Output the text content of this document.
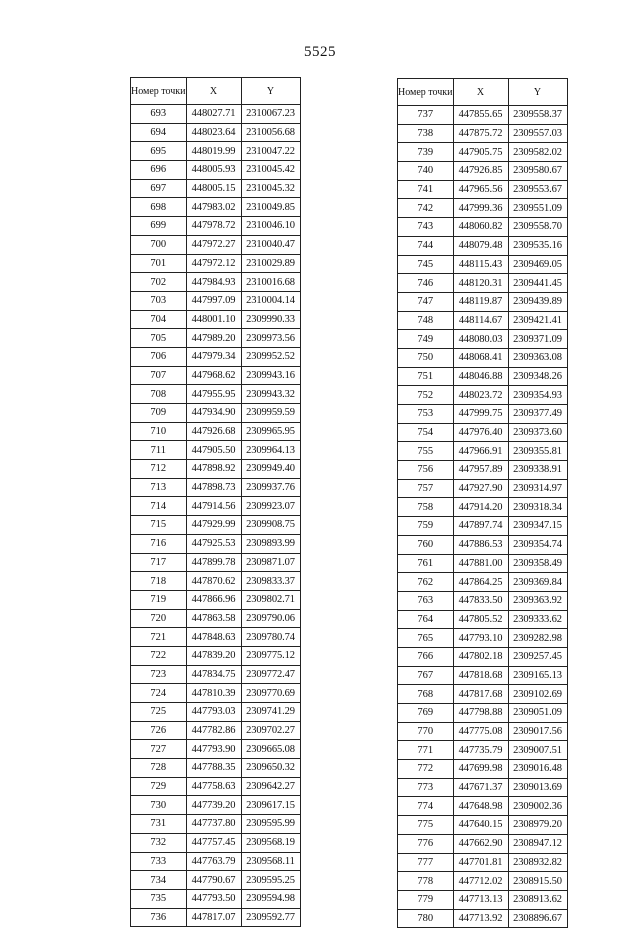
5525
Номер точки	X	Y
693	448027.71	2310067.23
694	448023.64	2310056.68
695	448019.99	2310047.22
696	448005.93	2310045.42
697	448005.15	2310045.32
698	447983.02	2310049.85
699	447978.72	2310046.10
700	447972.27	2310040.47
701	447972.12	2310029.89
702	447984.93	2310016.68
703	447997.09	2310004.14
704	448001.10	2309990.33
705	447989.20	2309973.56
706	447979.34	2309952.52
707	447968.62	2309943.16
708	447955.95	2309943.32
709	447934.90	2309959.59
710	447926.68	2309965.95
711	447905.50	2309964.13
712	447898.92	2309949.40
713	447898.73	2309937.76
714	447914.56	2309923.07
715	447929.99	2309908.75
716	447925.53	2309893.99
717	447899.78	2309871.07
718	447870.62	2309833.37
719	447866.96	2309802.71
720	447863.58	2309790.06
721	447848.63	2309780.74
722	447839.20	2309775.12
723	447834.75	2309772.47
724	447810.39	2309770.69
725	447793.03	2309741.29
726	447782.86	2309702.27
727	447793.90	2309665.08
728	447788.35	2309650.32
729	447758.63	2309642.27
730	447739.20	2309617.15
731	447737.80	2309595.99
732	447757.45	2309568.19
733	447763.79	2309568.11
734	447790.67	2309595.25
735	447793.50	2309594.98
736	447817.07	2309592.77
Номер точки	X	Y
737	447855.65	2309558.37
738	447875.72	2309557.03
739	447905.75	2309582.02
740	447926.85	2309580.67
741	447965.56	2309553.67
742	447999.36	2309551.09
743	448060.82	2309558.70
744	448079.48	2309535.16
745	448115.43	2309469.05
746	448120.31	2309441.45
747	448119.87	2309439.89
748	448114.67	2309421.41
749	448080.03	2309371.09
750	448068.41	2309363.08
751	448046.88	2309348.26
752	448023.72	2309354.93
753	447999.75	2309377.49
754	447976.40	2309373.60
755	447966.91	2309355.81
756	447957.89	2309338.91
757	447927.90	2309314.97
758	447914.20	2309318.34
759	447897.74	2309347.15
760	447886.53	2309354.74
761	447881.00	2309358.49
762	447864.25	2309369.84
763	447833.50	2309363.92
764	447805.52	2309333.62
765	447793.10	2309282.98
766	447802.18	2309257.45
767	447818.68	2309165.13
768	447817.68	2309102.69
769	447798.88	2309051.09
770	447775.08	2309017.56
771	447735.79	2309007.51
772	447699.98	2309016.48
773	447671.37	2309013.69
774	447648.98	2309002.36
775	447640.15	2308979.20
776	447662.90	2308947.12
777	447701.81	2308932.82
778	447712.02	2308915.50
779	447713.13	2308913.62
780	447713.92	2308896.67
